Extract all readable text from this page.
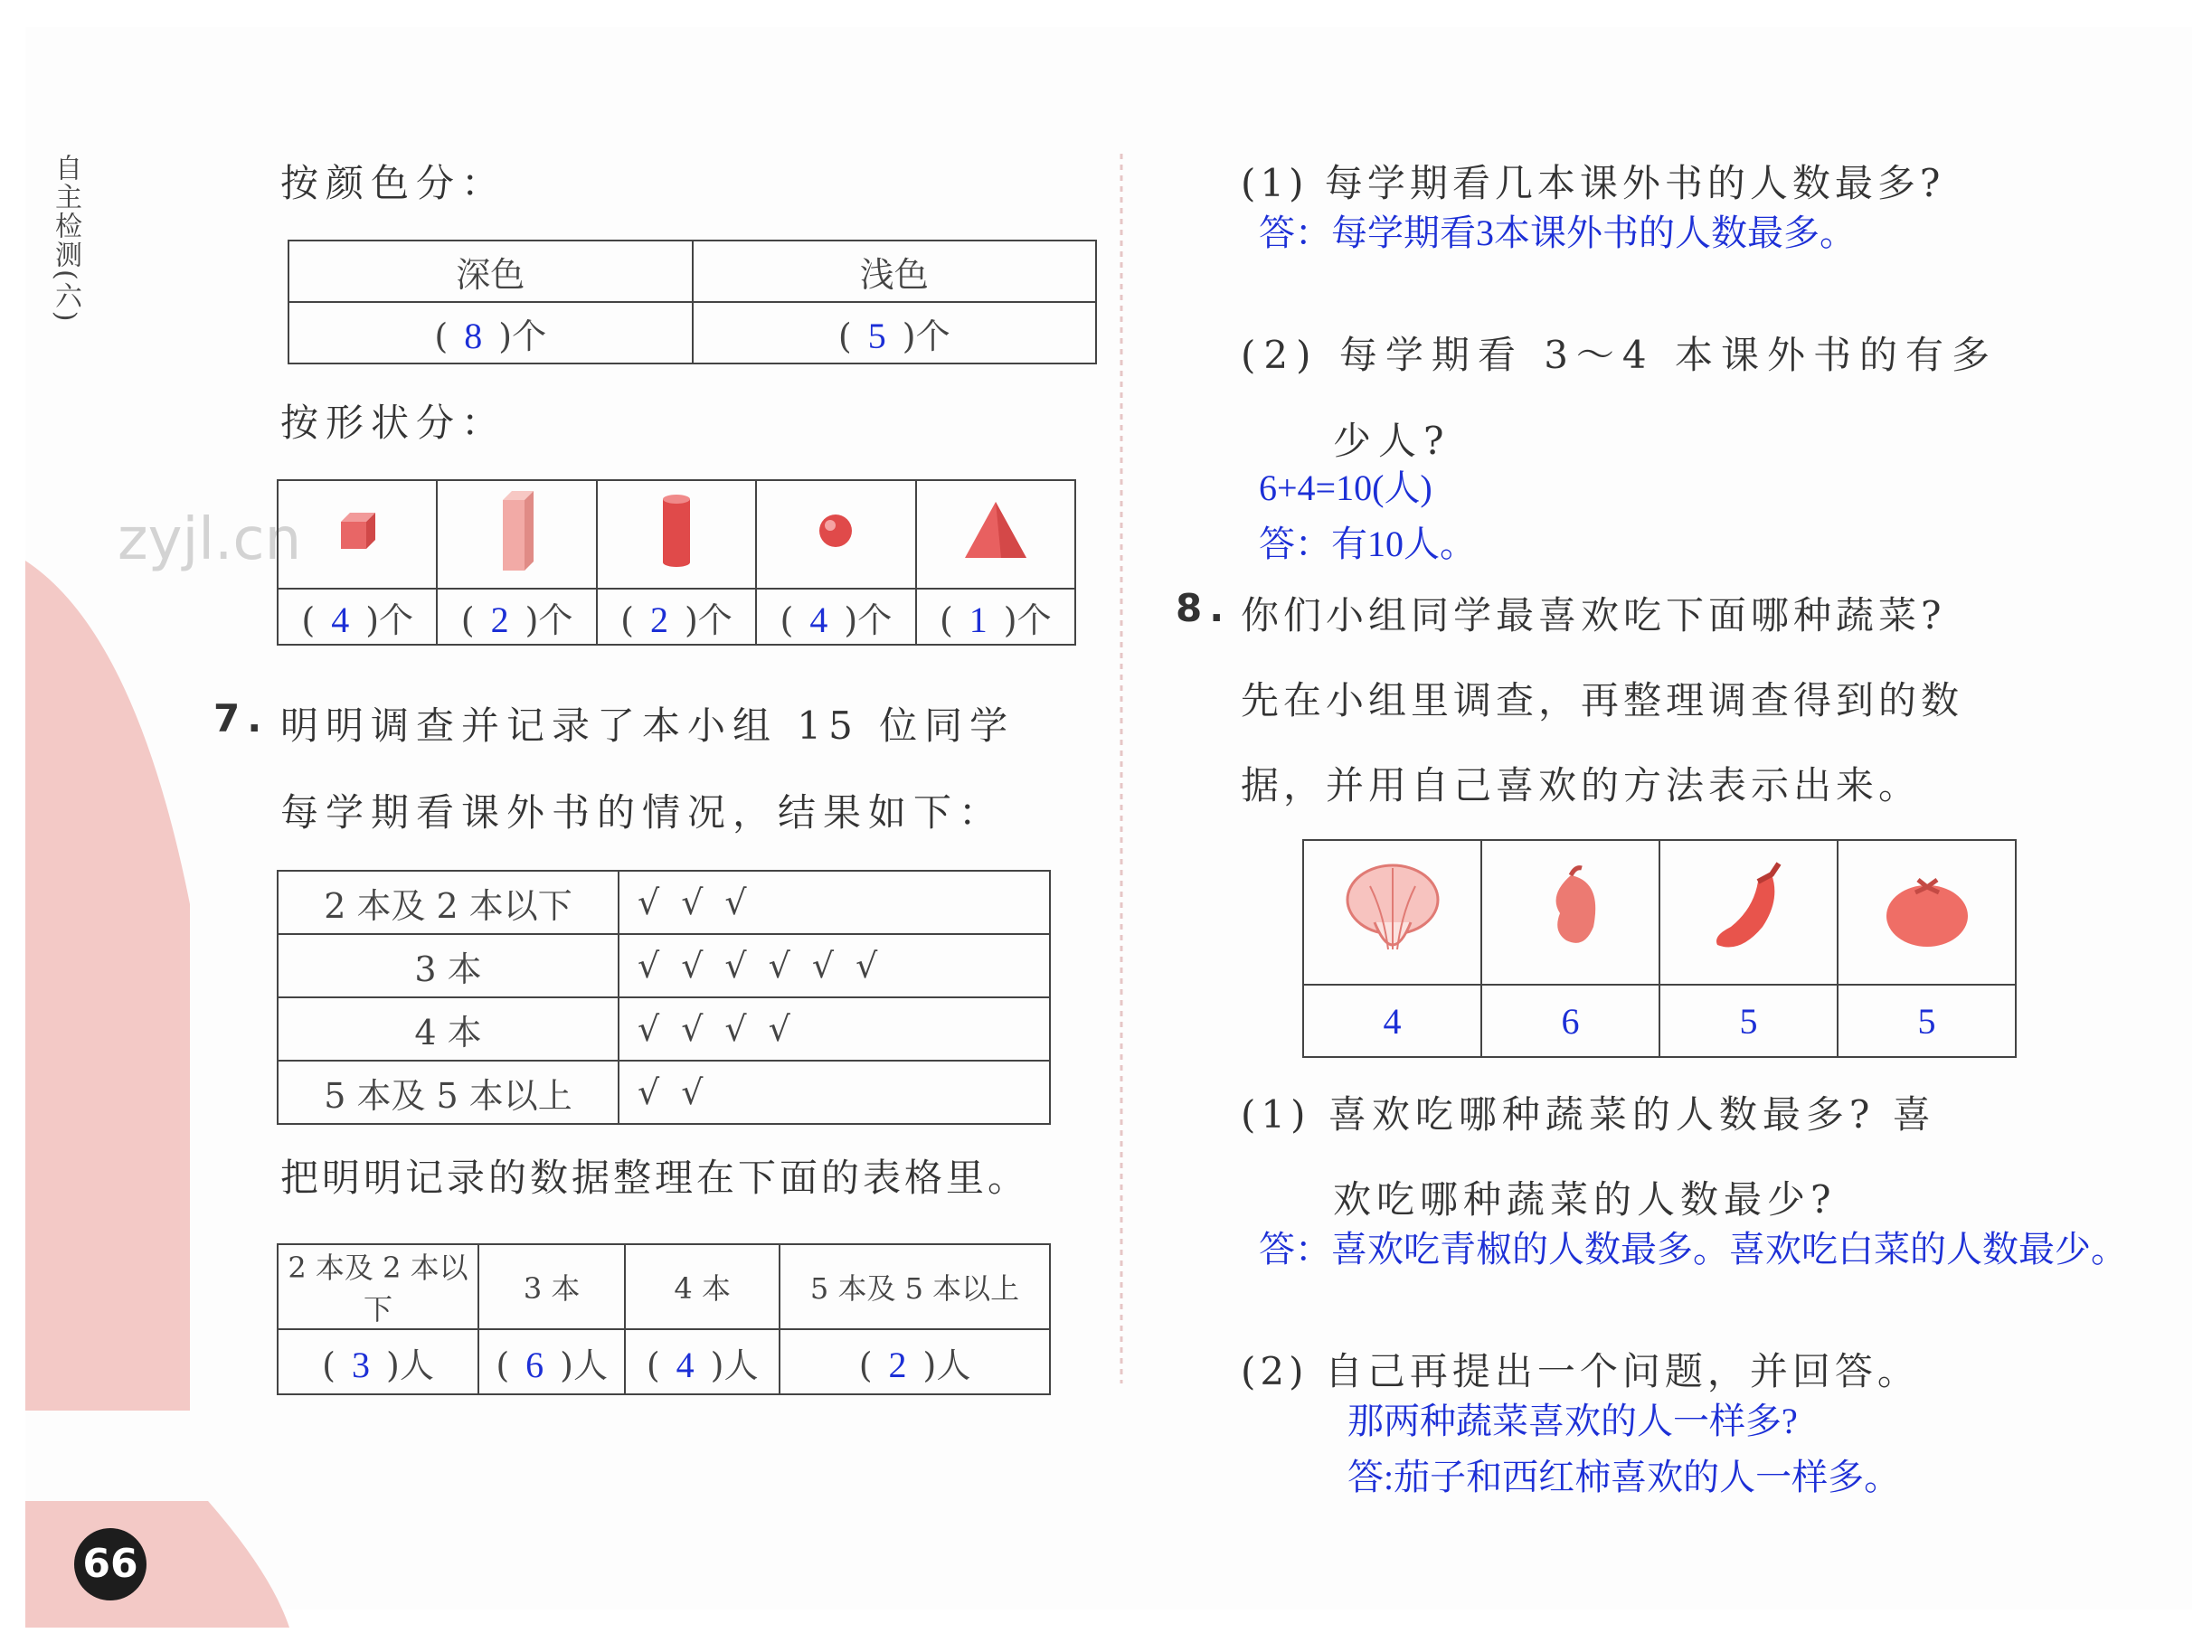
自主检测(六)
zyjl.cn
66
按颜色分：
深色	浅色
( 8 )个	( 5 )个
按形状分：

( 4 )个	( 2 )个	( 2 )个	( 4 )个	( 1 )个
7. 明明调查并记录了本小组 15 位同学
每学期看课外书的情况，结果如下：
2 本及 2 本以下	√√√
3 本	√√√√√√
4 本	√√√√
5 本及 5 本以上	√√
把明明记录的数据整理在下面的表格里。
2 本及 2 本以下	3 本	4 本	5 本及 5 本以上
( 3 )人	( 6 )人	( 4 )人	( 2 )人
(1) 每学期看几本课外书的人数最多?
答：每学期看3本课外书的人数最多。
(2) 每学期看 3～4 本课外书的有多
少人?
6+4=10(人)
答：有10人。
8. 你们小组同学最喜欢吃下面哪种蔬菜?
先在小组里调查，再整理调查得到的数
据，并用自己喜欢的方法表示出来。

4	6	5	5
(1) 喜欢吃哪种蔬菜的人数最多? 喜
欢吃哪种蔬菜的人数最少?
答：喜欢吃青椒的人数最多。喜欢吃白菜的人数最少。
(2) 自己再提出一个问题，并回答。
那两种蔬菜喜欢的人一样多?
答:茄子和西红柿喜欢的人一样多。
